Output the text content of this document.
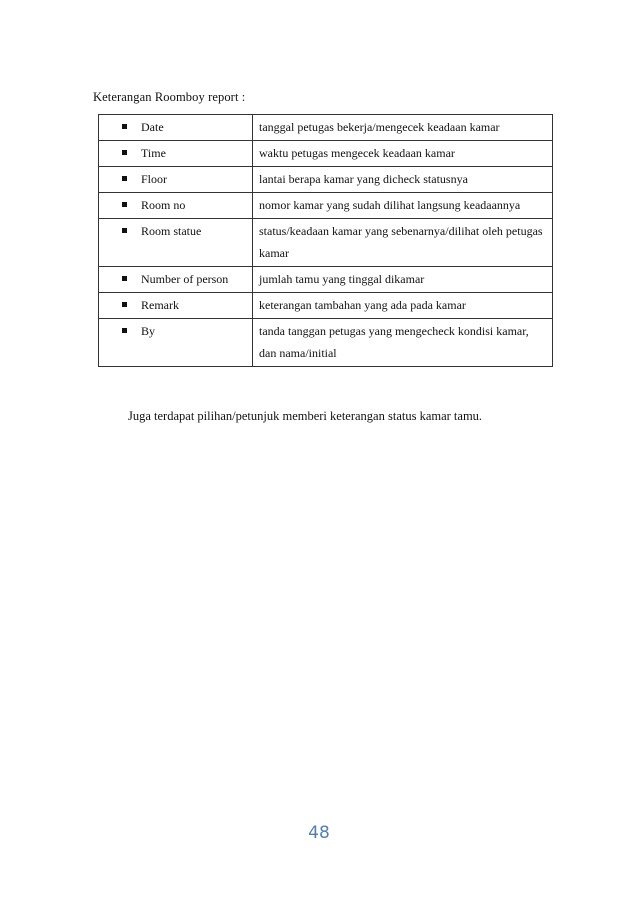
Keterangan Roomboy report :
Date	tanggal petugas bekerja/mengecek keadaan kamar

Time	waktu petugas mengecek keadaan kamar

Floor	lantai berapa kamar yang dicheck statusnya

Room no	nomor kamar yang sudah dilihat langsung keadaannya

Room statue	status/keadaan kamar yang sebenarnya/dilihat oleh petugas kamar

Number of person	jumlah tamu yang tinggal dikamar

Remark	keterangan tambahan yang ada pada kamar

By	tanda tanggan petugas yang mengecheck kondisi kamar, dan nama/initial
Juga terdapat pilihan/petunjuk memberi keterangan status kamar tamu.
48
